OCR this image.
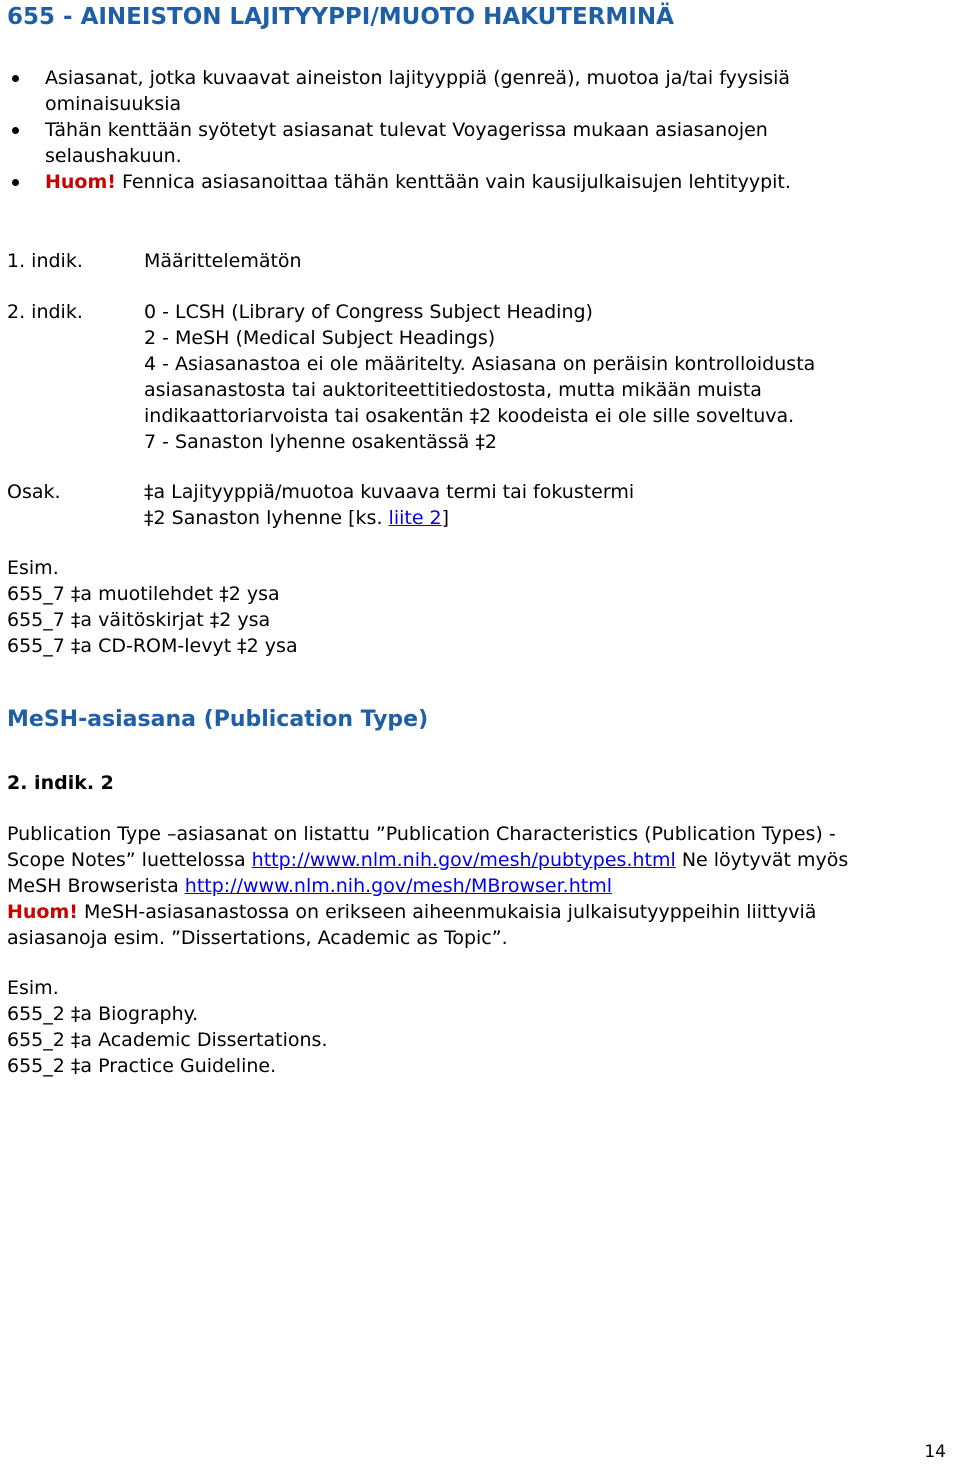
655 - AINEISTON LAJITYYPPI/MUOTO HAKUTERMINÄ
Asiasanat, jotka kuvaavat aineiston lajityyppiä (genreä), muotoa ja/tai fyysisiä
ominaisuuksia
Tähän kenttään syötetyt asiasanat tulevat Voyagerissa mukaan asiasanojen
selaushakuun.
Huom! Fennica asiasanoittaa tähän kenttään vain kausijulkaisujen lehtityypit.
1. indik.	Määrittelemätön
2. indik.	0 - LCSH (Library of Congress Subject Heading)
2 - MeSH (Medical Subject Headings)
4 - Asiasanastoa ei ole määritelty. Asiasana on peräisin kontrolloidusta
asiasanastosta tai auktoriteettitiedostosta, mutta mikään muista
indikaattoriarvoista tai osakentän ‡2 koodeista ei ole sille soveltuva.
7 - Sanaston lyhenne osakentässä ‡2
Osak.	‡a Lajityyppiä/muotoa kuvaava termi tai fokustermi
‡2 Sanaston lyhenne [ks. liite 2]
Esim.
655_7 ‡a muotilehdet ‡2 ysa
655_7 ‡a väitöskirjat ‡2 ysa
655_7 ‡a CD-ROM-levyt ‡2 ysa
MeSH-asiasana (Publication Type)
2. indik. 2
Publication Type –asiasanat on listattu ”Publication Characteristics (Publication Types) -
Scope Notes” luettelossa http://www.nlm.nih.gov/mesh/pubtypes.html Ne löytyvät myös
MeSH Browserista http://www.nlm.nih.gov/mesh/MBrowser.html
Huom! MeSH-asiasanastossa on erikseen aiheenmukaisia julkaisutyyppeihin liittyviä
asiasanoja esim. ”Dissertations, Academic as Topic”.
Esim.
655_2 ‡a Biography.
655_2 ‡a Academic Dissertations.
655_2 ‡a Practice Guideline.
14
